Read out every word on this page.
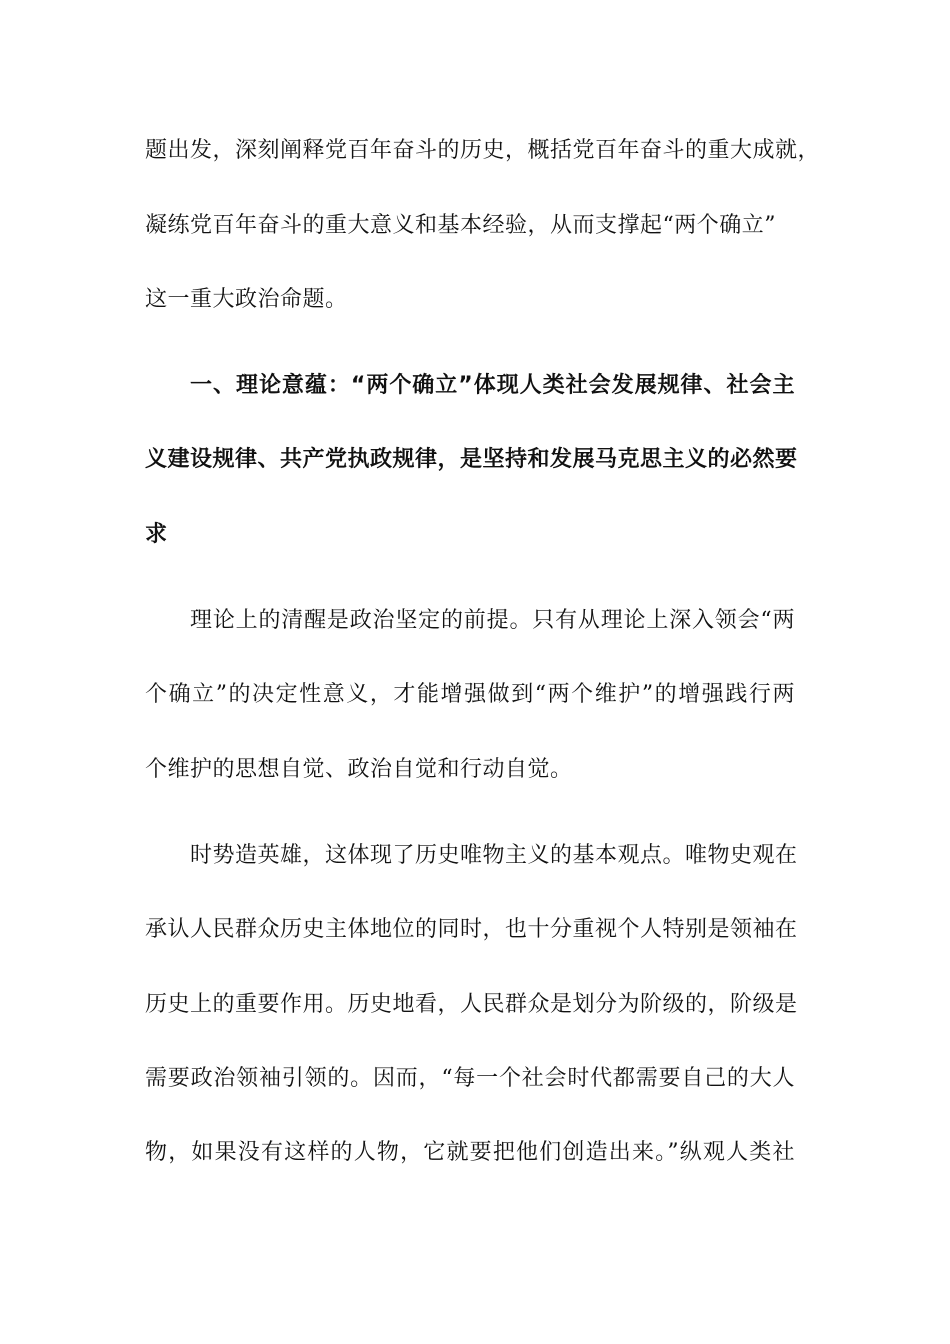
题出发，深刻阐释党百年奋斗的历史，概括党百年奋斗的重大成就，
凝练党百年奋斗的重大意义和基本经验，从而支撑起“两个确立”
这一重大政治命题。
一、理论意蕴：“两个确立”体现人类社会发展规律、社会主
义建设规律、共产党执政规律，是坚持和发展马克思主义的必然要
求
理论上的清醒是政治坚定的前提。只有从理论上深入领会“两
个确立”的决定性意义，才能增强做到“两个维护”的增强践行两
个维护的思想自觉、政治自觉和行动自觉。
时势造英雄，这体现了历史唯物主义的基本观点。唯物史观在
承认人民群众历史主体地位的同时，也十分重视个人特别是领袖在
历史上的重要作用。历史地看，人民群众是划分为阶级的，阶级是
需要政治领袖引领的。因而，“每一个社会时代都需要自己的大人
物，如果没有这样的人物，它就要把他们创造出来。”纵观人类社
